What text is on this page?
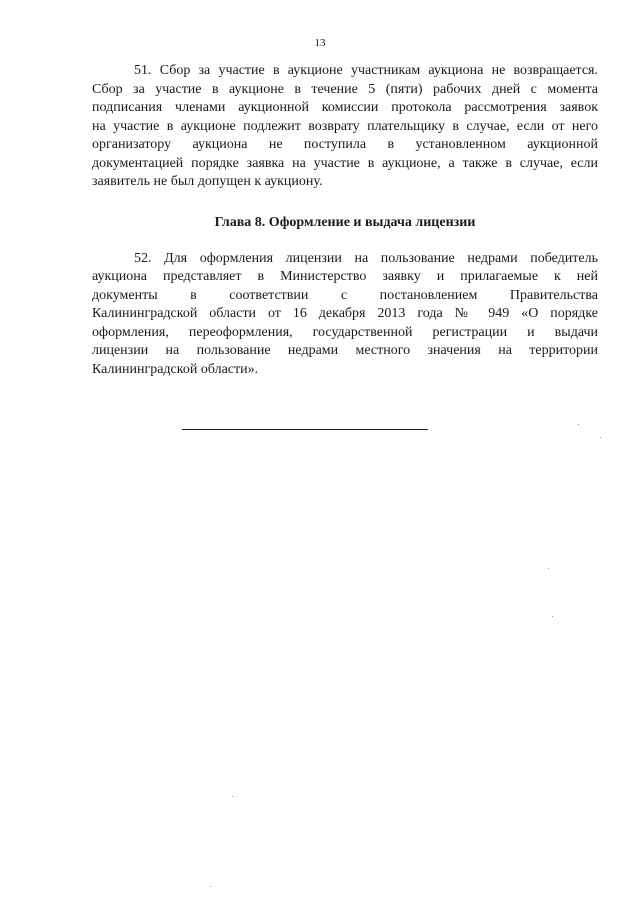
13
51. Сбор за участие в аукционе участникам аукциона не возвращается.
Сбор за участие в аукционе в течение 5 (пяти) рабочих дней с момента
подписания членами аукционной комиссии протокола рассмотрения заявок
на участие в аукционе подлежит возврату плательщику в случае, если от него
организатору аукциона не поступила в установленном аукционной
документацией порядке заявка на участие в аукционе, а также в случае, если
заявитель не был допущен к аукциону.
Глава 8. Оформление и выдача лицензии
52. Для оформления лицензии на пользование недрами победитель
аукциона представляет в Министерство заявку и прилагаемые к ней
документы в соответствии с постановлением Правительства
Калининградской области от 16 декабря 2013 года № 949 «О порядке
оформления, переоформления, государственной регистрации и выдачи
лицензии на пользование недрами местного значения на территории
Калининградской области».
